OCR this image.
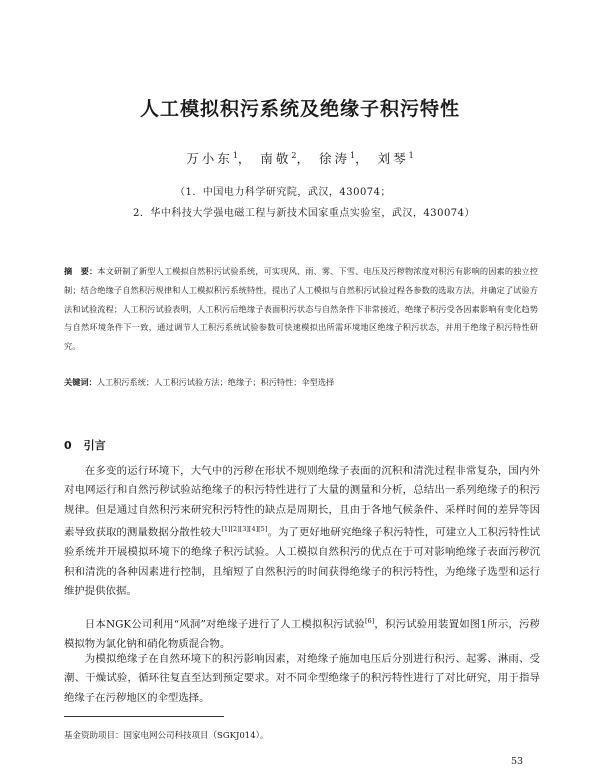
人工模拟积污系统及绝缘子积污特性
万小东$^1$， 南敬$^2$， 徐涛$^1$， 刘琴$^1$
（1．中国电力科学研究院，武汉，430074；
2．华中科技大学强电磁工程与新技术国家重点实验室，武汉，430074）
摘　要：本文研制了新型人工模拟自然积污试验系统，可实现风、雨、雾、下雪、电压及污秽物浓度对积污有影响的因素的独立控制；结合绝缘子自然积污规律和人工模拟积污系统特性，提出了人工模拟与自然积污试验过程各参数的选取方法，并确定了试验方法和试验流程；人工积污试验表明，人工积污后绝缘子表面积污状态与自然条件下非常接近，绝缘子积污受各因素影响有变化趋势与自然环境条件下一致，通过调节人工积污系统试验参数可快速模拟出所需环境地区绝缘子积污状态，并用于绝缘子积污特性研究。
关键词：人工积污系统；人工积污试验方法；绝缘子；积污特性；伞型选择
0 引言

在多变的运行环境下，大气中的污秽在形状不规则绝缘子表面的沉积和清洗过程非常复杂，国内外对电网运行和自然污秽试验站绝缘子的积污特性进行了大量的测量和分析，总结出一系列绝缘子的积污规律。但是通过自然积污来研究积污特性的缺点是周期长，且由于各地气候条件、采样时间的差异等因素导致获取的测量数据分散性较大[1][2][3][4][5]。为了更好地研究绝缘子积污特性，可建立人工积污特性试验系统并开展模拟环境下的绝缘子积污试验。人工模拟自然积污的优点在于可对影响绝缘子表面污秽沉积和清洗的各种因素进行控制，且缩短了自然积污的时间获得绝缘子的积污特性，为绝缘子选型和运行维护提供依据。

日本NGK公司利用“风洞”对绝缘子进行了人工模拟积污试验[6]，积污试验用装置如图1所示，污秽模拟物为氯化钠和硝化物质混合物。

为模拟绝缘子在自然环境下的积污影响因素，对绝缘子施加电压后分别进行积污、起雾、淋雨、受潮、干燥试验，循环往复直至达到预定要求。对不同伞型绝缘子的积污特性进行了对比研究，用于指导绝缘子在污秽地区的伞型选择。

基金资助项目：国家电网公司科技项目（SGKJ014）。
53
